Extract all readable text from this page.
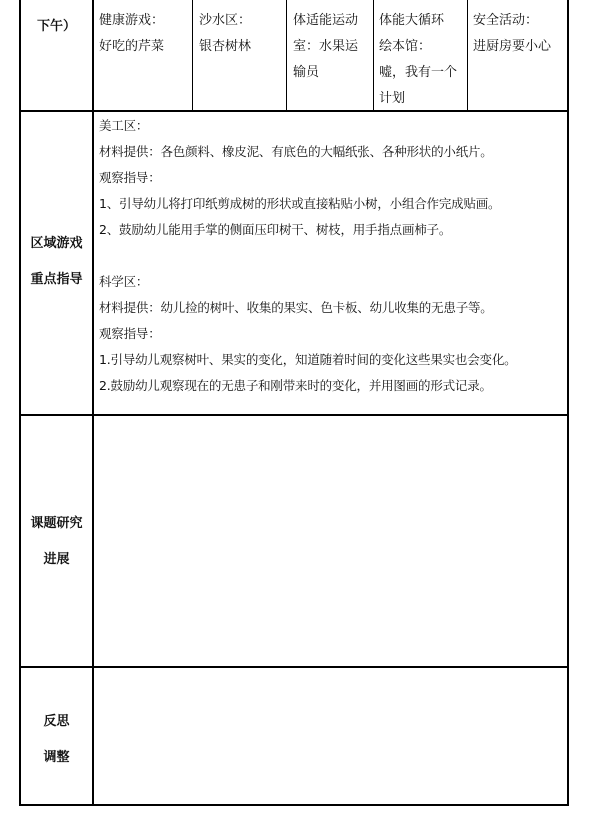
下午）	健康游戏：
好吃的芹菜
沙水区：
银杏树林
体适能运动
室：水果运
输员
体能大循环
绘本馆：
嘘，我有一个
计划
安全活动：
进厨房要小心
区域游戏
重点指导
美工区：
材料提供：各色颜料、橡皮泥、有底色的大幅纸张、各种形状的小纸片。
观察指导：
1、引导幼儿将打印纸剪成树的形状或直接粘贴小树，小组合作完成贴画。
2、鼓励幼儿能用手掌的侧面压印树干、树枝，用手指点画柿子。
科学区：
材料提供：幼儿捡的树叶、收集的果实、色卡板、幼儿收集的无患子等。
观察指导：
1.引导幼儿观察树叶、果实的变化，知道随着时间的变化这些果实也会变化。
2.鼓励幼儿观察现在的无患子和刚带来时的变化，并用图画的形式记录。
课题研究
进展
反思
调整
